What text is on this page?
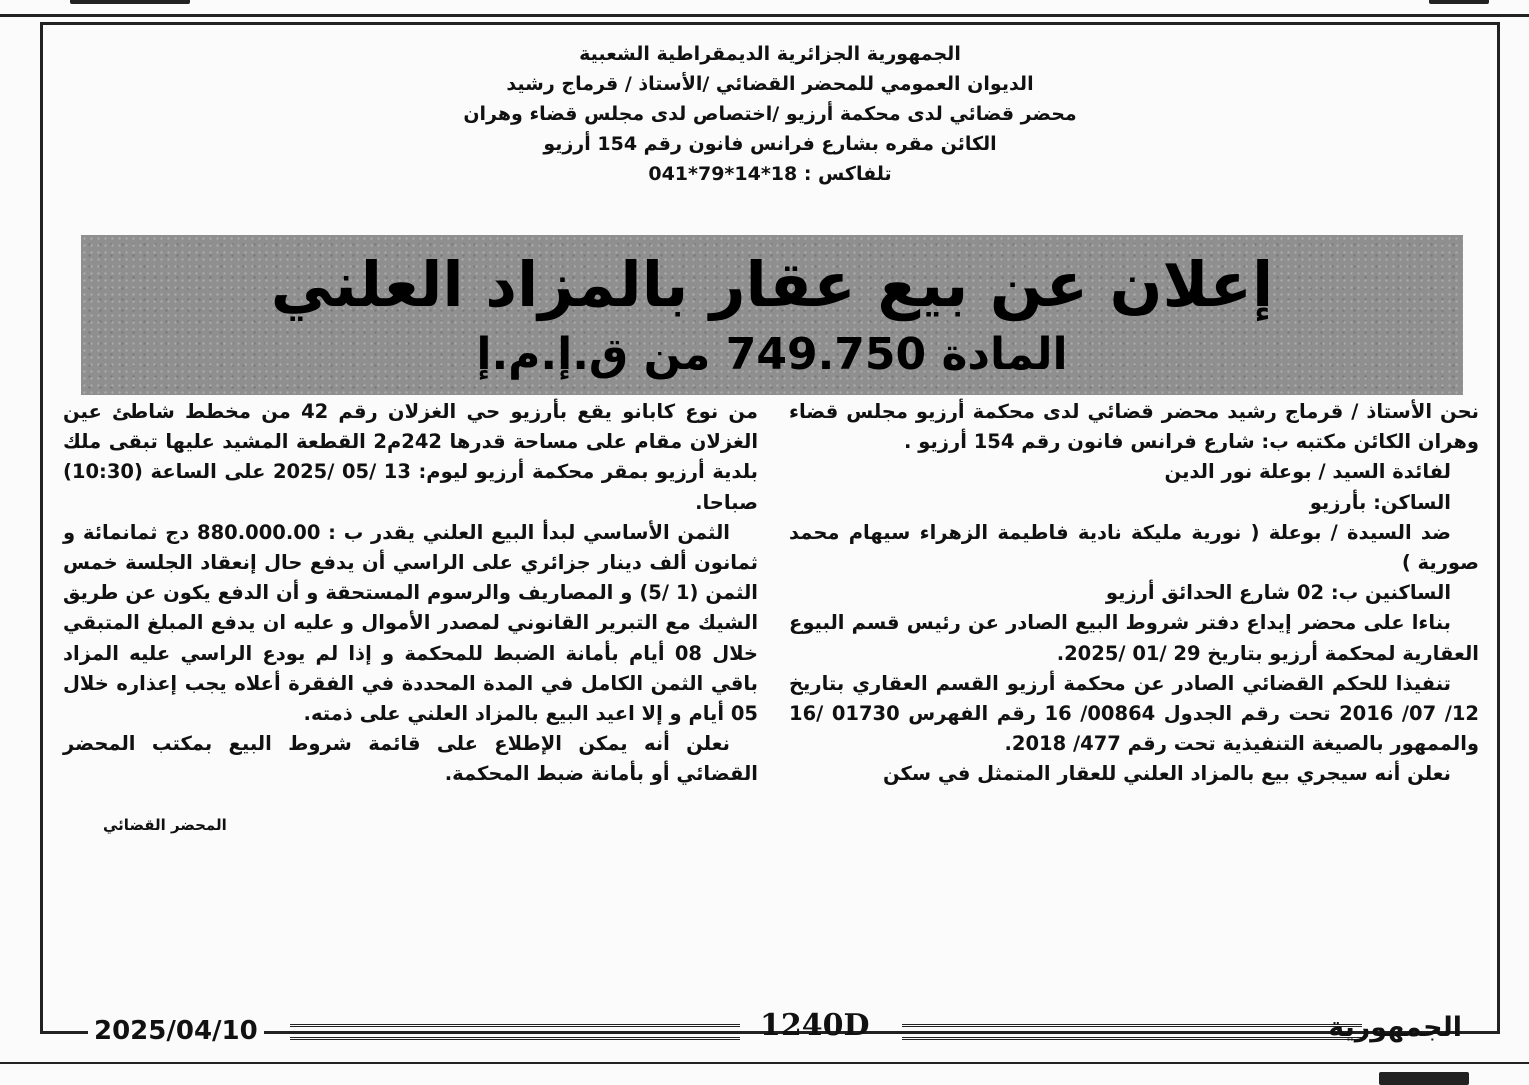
الجمهورية الجزائرية الديمقراطية الشعبية
الديوان العمومي للمحضر القضائي /الأستاذ / قرماج رشيد
محضر قضائي لدى محكمة أرزيو /اختصاص لدى مجلس قضاء وهران
الكائن مقره بشارع فرانس فانون رقم 154 أرزيو
تلفاكس : 18*14*79*041
إعلان عن بيع عقار بالمزاد العلني
المادة 749.750 من ق.إ.م.إ

نحن الأستاذ / قرماج رشيد محضر قضائي لدى محكمة أرزيو مجلس قضاء وهران الكائن مكتبه ب: شارع فرانس فانون رقم 154 أرزيو .

لفائدة السيد / بوعلة نور الدين

الساكن: بأرزيو

ضد السيدة / بوعلة ( نورية مليكة نادية فاطيمة الزهراء سيهام محمد صورية )

الساكنين ب: 02 شارع الحدائق أرزيو

بناءا على محضر إيداع دفتر شروط البيع الصادر عن رئيس قسم البيوع العقارية لمحكمة أرزيو بتاريخ 29 /01 /2025.

تنفيذا للحكم القضائي الصادر عن محكمة أرزيو القسم العقاري بتاريخ 12/ 07/ 2016 تحت رقم الجدول 00864/ 16 رقم الفهرس 01730 /16 والممهور بالصيغة التنفيذية تحت رقم 477/ 2018.

نعلن أنه سيجري بيع بالمزاد العلني للعقار المتمثل في سكن

من نوع كابانو يقع بأرزيو حي الغزلان رقم 42 من مخطط شاطئ عين الغزلان مقام على مساحة قدرها 242م2 القطعة المشيد عليها تبقى ملك بلدية أرزيو بمقر محكمة أرزيو ليوم: 13 /05 /2025 على الساعة (10:30) صباحا.

الثمن الأساسي لبدأ البيع العلني يقدر ب : 880.000.00 دج ثمانمائة و ثمانون ألف دينار جزائري على الراسي أن يدفع حال إنعقاد الجلسة خمس الثمن (1 /5) و المصاريف والرسوم المستحقة و أن الدفع يكون عن طريق الشيك مع التبرير القانوني لمصدر الأموال و عليه ان يدفع المبلغ المتبقي خلال 08 أيام بأمانة الضبط للمحكمة و إذا لم يودع الراسي عليه المزاد باقي الثمن الكامل في المدة المحددة في الفقرة أعلاه يجب إعذاره خلال 05 أيام و إلا اعيد البيع بالمزاد العلني على ذمته.

نعلن أنه يمكن الإطلاع على قائمة شروط البيع بمكتب المحضر القضائي أو بأمانة ضبط المحكمة.

المحضر القضائي

2025/04/10	1240D	الجمهورية
